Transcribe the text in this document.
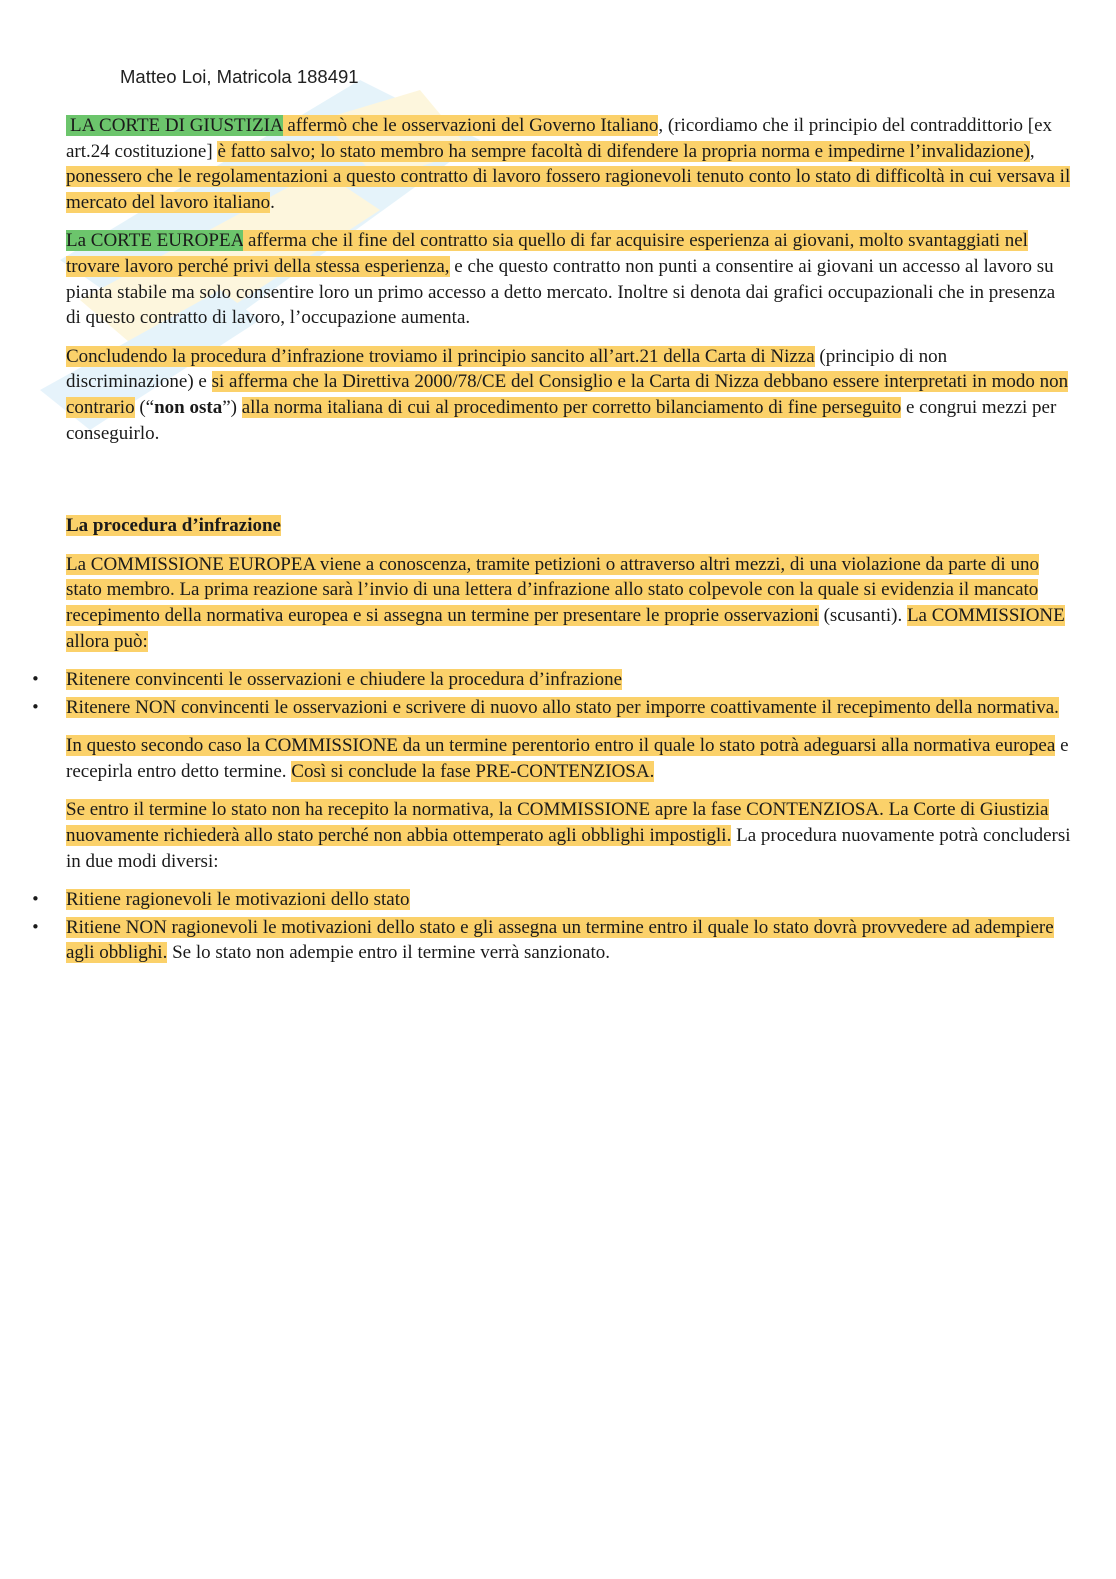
Matteo Loi, Matricola 188491

LA CORTE DI GIUSTIZIA affermò che le osservazioni del Governo Italiano, (ricordiamo che il principio del contraddittorio [ex art.24 costituzione] è fatto salvo; lo stato membro ha sempre facoltà di difendere la propria norma e impedirne l’invalidazione), ponessero che le regolamentazioni a questo contratto di lavoro fossero ragionevoli tenuto conto lo stato di difficoltà in cui versava il mercato del lavoro italiano.

La CORTE EUROPEA afferma che il fine del contratto sia quello di far acquisire esperienza ai giovani, molto svantaggiati nel trovare lavoro perché privi della stessa esperienza, e che questo contratto non punti a consentire ai giovani un accesso al lavoro su pianta stabile ma solo consentire loro un primo accesso a detto mercato. Inoltre si denota dai grafici occupazionali che in presenza di questo contratto di lavoro, l’occupazione aumenta.

Concludendo la procedura d’infrazione troviamo il principio sancito all’art.21 della Carta di Nizza (principio di non discriminazione) e si afferma che la Direttiva 2000/78/CE del Consiglio e la Carta di Nizza debbano essere interpretati in modo non contrario (“non osta”) alla norma italiana di cui al procedimento per corretto bilanciamento di fine perseguito e congrui mezzi per conseguirlo.

La procedura d’infrazione

La COMMISSIONE EUROPEA viene a conoscenza, tramite petizioni o attraverso altri mezzi, di una violazione da parte di uno stato membro. La prima reazione sarà l’invio di una lettera d’infrazione allo stato colpevole con la quale si evidenzia il mancato recepimento della normativa europea e si assegna un termine per presentare le proprie osservazioni (scusanti). La COMMISSIONE allora può:

• Ritenere convincenti le osservazioni e chiudere la procedura d’infrazione
• Ritenere NON convincenti le osservazioni e scrivere di nuovo allo stato per imporre coattivamente il recepimento della normativa.

In questo secondo caso la COMMISSIONE da un termine perentorio entro il quale lo stato potrà adeguarsi alla normativa europea e recepirla entro detto termine. Così si conclude la fase PRE-CONTENZIOSA.

Se entro il termine lo stato non ha recepito la normativa, la COMMISSIONE apre la fase CONTENZIOSA. La Corte di Giustizia nuovamente richiederà allo stato perché non abbia ottemperato agli obblighi impostigli. La procedura nuovamente potrà concludersi in due modi diversi:

• Ritiene ragionevoli le motivazioni dello stato
• Ritiene NON ragionevoli le motivazioni dello stato e gli assegna un termine entro il quale lo stato dovrà provvedere ad adempiere agli obblighi. Se lo stato non adempie entro il termine verrà sanzionato.
